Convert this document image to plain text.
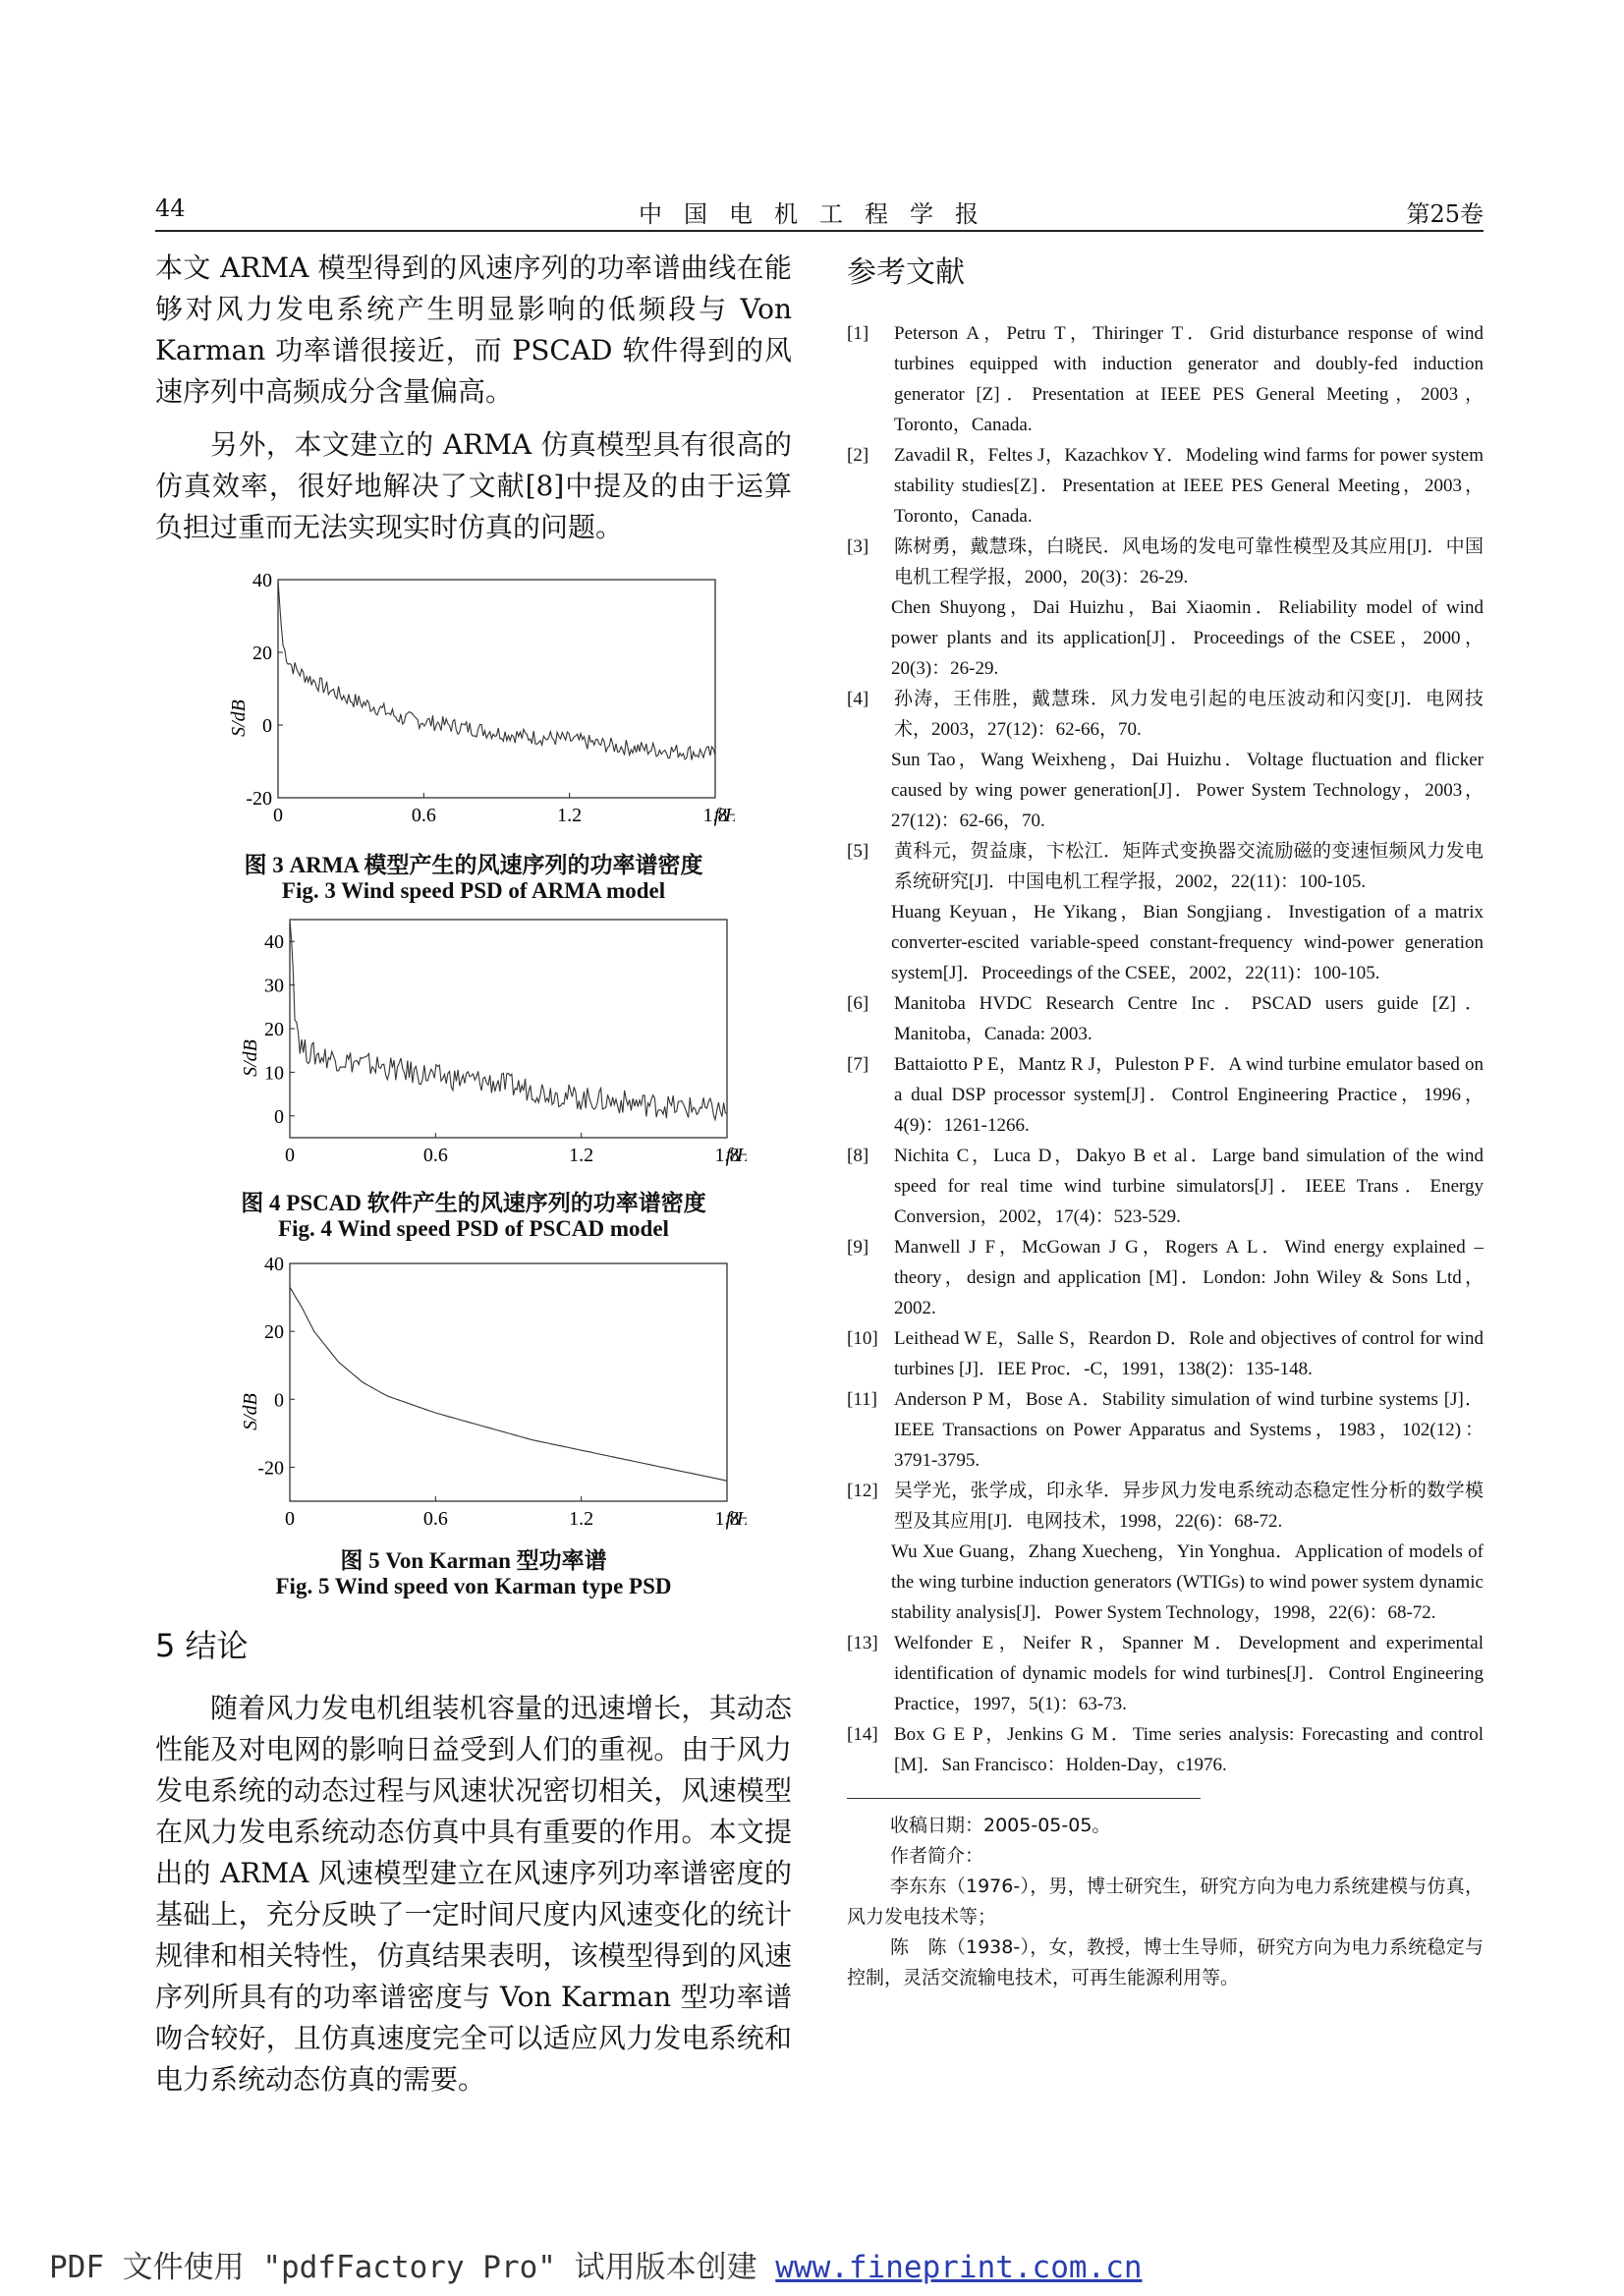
44	中国电机工程学报	第25卷

本文 ARMA 模型得到的风速序列的功率谱曲线在能够对风力发电系统产生明显影响的低频段与 Von Karman 功率谱很接近，而 PSCAD 软件得到的风速序列中高频成分含量偏高。

另外，本文建立的 ARMA 仿真模型具有很高的仿真效率，很好地解决了文献[8]中提及的由于运算负担过重而无法实现实时仿真的问题。

0	0.6	1.2	1.8
f/
40
20
0
-20
S/dB
图 3 ARMA 模型产生的风速序列的功率谱密度
Fig. 3 Wind speed PSD of ARMA model
0	0.6	1.2	1.8
f/
40
30
20
10
0
S/dB
图 4 PSCAD 软件产生的风速序列的功率谱密度
Fig. 4 Wind speed PSD of PSCAD model
0	0.6	1.2	1.8
f/
40
20
0
-20
S/dB
图 5 Von Karman 型功率谱
Fig. 5 Wind speed von Karman type PSD

5 结论

随着风力发电机组装机容量的迅速增长，其动态性能及对电网的影响日益受到人们的重视。由于风力发电系统的动态过程与风速状况密切相关，风速模型在风力发电系统动态仿真中具有重要的作用。本文提出的 ARMA 风速模型建立在风速序列功率谱密度的基础上，充分反映了一定时间尺度内风速变化的统计规律和相关特性，仿真结果表明，该模型得到的风速序列所具有的功率谱密度与 Von Karman 型功率谱吻合较好，且仿真速度完全可以适应风力发电系统和电力系统动态仿真的需要。

参考文献

[1] Peterson A，Petru T，Thiringer T．Grid disturbance response of wind turbines equipped with induction generator and doubly-fed induction generator [Z]．Presentation at IEEE PES General Meeting，2003，Toronto，Canada.

[2] Zavadil R，Feltes J，Kazachkov Y．Modeling wind farms for power system stability studies[Z]．Presentation at IEEE PES General Meeting，2003，Toronto，Canada.

[3] 陈树勇，戴慧珠，白晓民．风电场的发电可靠性模型及其应用[J]．中国电机工程学报，2000，20(3)：26-29.
Chen Shuyong，Dai Huizhu，Bai Xiaomin．Reliability model of wind power plants and its application[J]．Proceedings of the CSEE，2000，20(3)：26-29.

[4] 孙涛，王伟胜，戴慧珠．风力发电引起的电压波动和闪变[J]．电网技术，2003，27(12)：62-66，70.
Sun Tao，Wang Weixheng，Dai Huizhu．Voltage fluctuation and flicker caused by wing power generation[J]．Power System Technology，2003，27(12)：62-66，70.

[5] 黄科元，贺益康，卞松江．矩阵式变换器交流励磁的变速恒频风力发电系统研究[J]．中国电机工程学报，2002，22(11)：100-105.
Huang Keyuan，He Yikang，Bian Songjiang．Investigation of a matrix converter-escited variable-speed constant-frequency wind-power generation system[J]．Proceedings of the CSEE，2002，22(11)：100-105.

[6] Manitoba HVDC Research Centre Inc．PSCAD users guide [Z]．Manitoba，Canada: 2003.

[7] Battaiotto P E，Mantz R J，Puleston P F．A wind turbine emulator based on a dual DSP processor system[J]．Control Engineering Practice，1996，4(9)：1261-1266.

[8] Nichita C，Luca D，Dakyo B et al．Large band simulation of the wind speed for real time wind turbine simulators[J]．IEEE Trans．Energy Conversion，2002，17(4)：523-529.

[9] Manwell J F，McGowan J G，Rogers A L．Wind energy explained – theory，design and application [M]．London: John Wiley & Sons Ltd，2002.

[10] Leithead W E，Salle S，Reardon D．Role and objectives of control for wind turbines [J]．IEE Proc．-C，1991，138(2)：135-148.

[11] Anderson P M，Bose A．Stability simulation of wind turbine systems [J]．IEEE Transactions on Power Apparatus and Systems，1983，102(12)：3791-3795.

[12] 吴学光，张学成，印永华．异步风力发电系统动态稳定性分析的数学模型及其应用[J]．电网技术，1998，22(6)：68-72.
Wu Xue Guang，Zhang Xuecheng，Yin Yonghua．Application of models of the wing turbine induction generators (WTIGs) to wind power system dynamic stability analysis[J]．Power System Technology，1998，22(6)：68-72.

[13] Welfonder E，Neifer R，Spanner M．Development and experimental identification of dynamic models for wind turbines[J]．Control Engineering Practice，1997，5(1)：63-73.

[14] Box G E P，Jenkins G M．Time series analysis: Forecasting and control [M]．San Francisco：Holden-Day，c1976.

收稿日期：2005-05-05。

作者简介：

李东东（1976-），男，博士研究生，研究方向为电力系统建模与仿真，风力发电技术等；

陈　陈（1938-），女，教授，博士生导师，研究方向为电力系统稳定与控制，灵活交流输电技术，可再生能源利用等。

PDF 文件使用 "pdfFactory Pro" 试用版本创建 www.fineprint.com.cn
